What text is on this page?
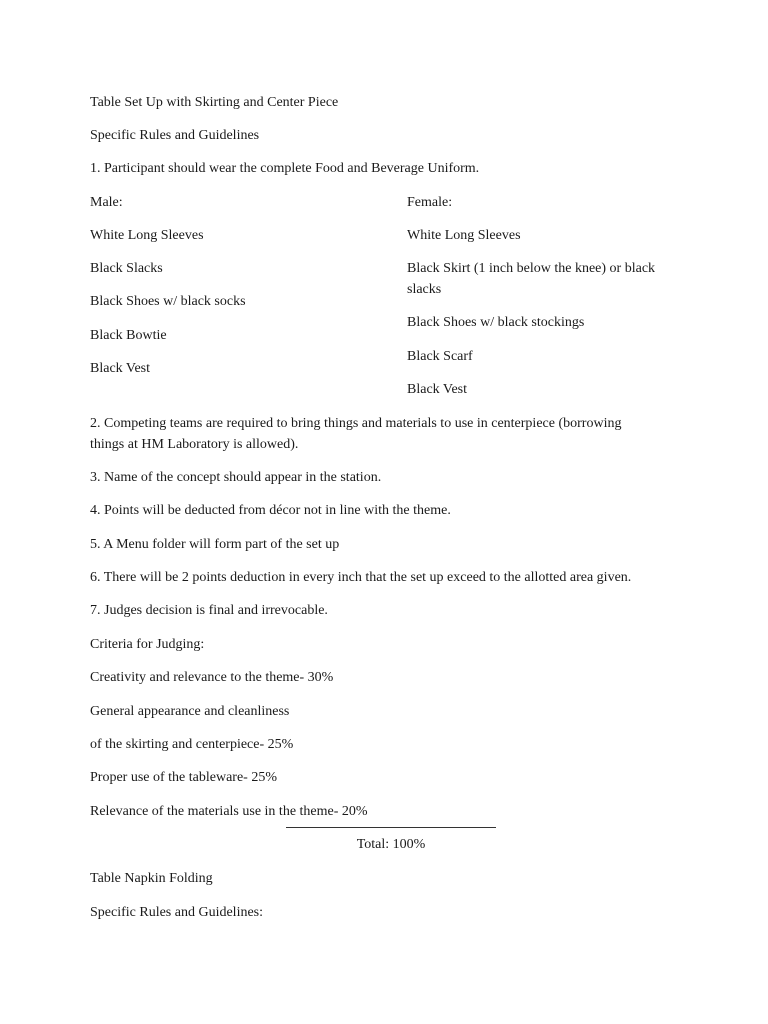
Table Set Up with Skirting and Center Piece
Specific Rules and Guidelines
1. Participant should wear the complete Food and Beverage Uniform.
Male:
White Long Sleeves
Black Slacks
Black Shoes w/ black socks
Black Bowtie
Black Vest
Female:
White Long Sleeves
Black Skirt (1 inch below the knee) or black
slacks
Black Shoes w/ black stockings
Black Scarf
Black Vest
2. Competing teams are required to bring things and materials to use in centerpiece (borrowing
things at HM Laboratory is allowed).
3. Name of the concept should appear in the station.
4. Points will be deducted from décor not in line with the theme.
5. A Menu folder will form part of the set up
6. There will be 2 points deduction in every inch that the set up exceed to the allotted area given.
7. Judges decision is final and irrevocable.
Criteria for Judging:
Creativity and relevance to the theme- 30%
General appearance and cleanliness
of the skirting and centerpiece- 25%
Proper use of the tableware- 25%
Relevance of the materials use in the theme- 20%
Total: 100%
Table Napkin Folding
Specific Rules and Guidelines:
